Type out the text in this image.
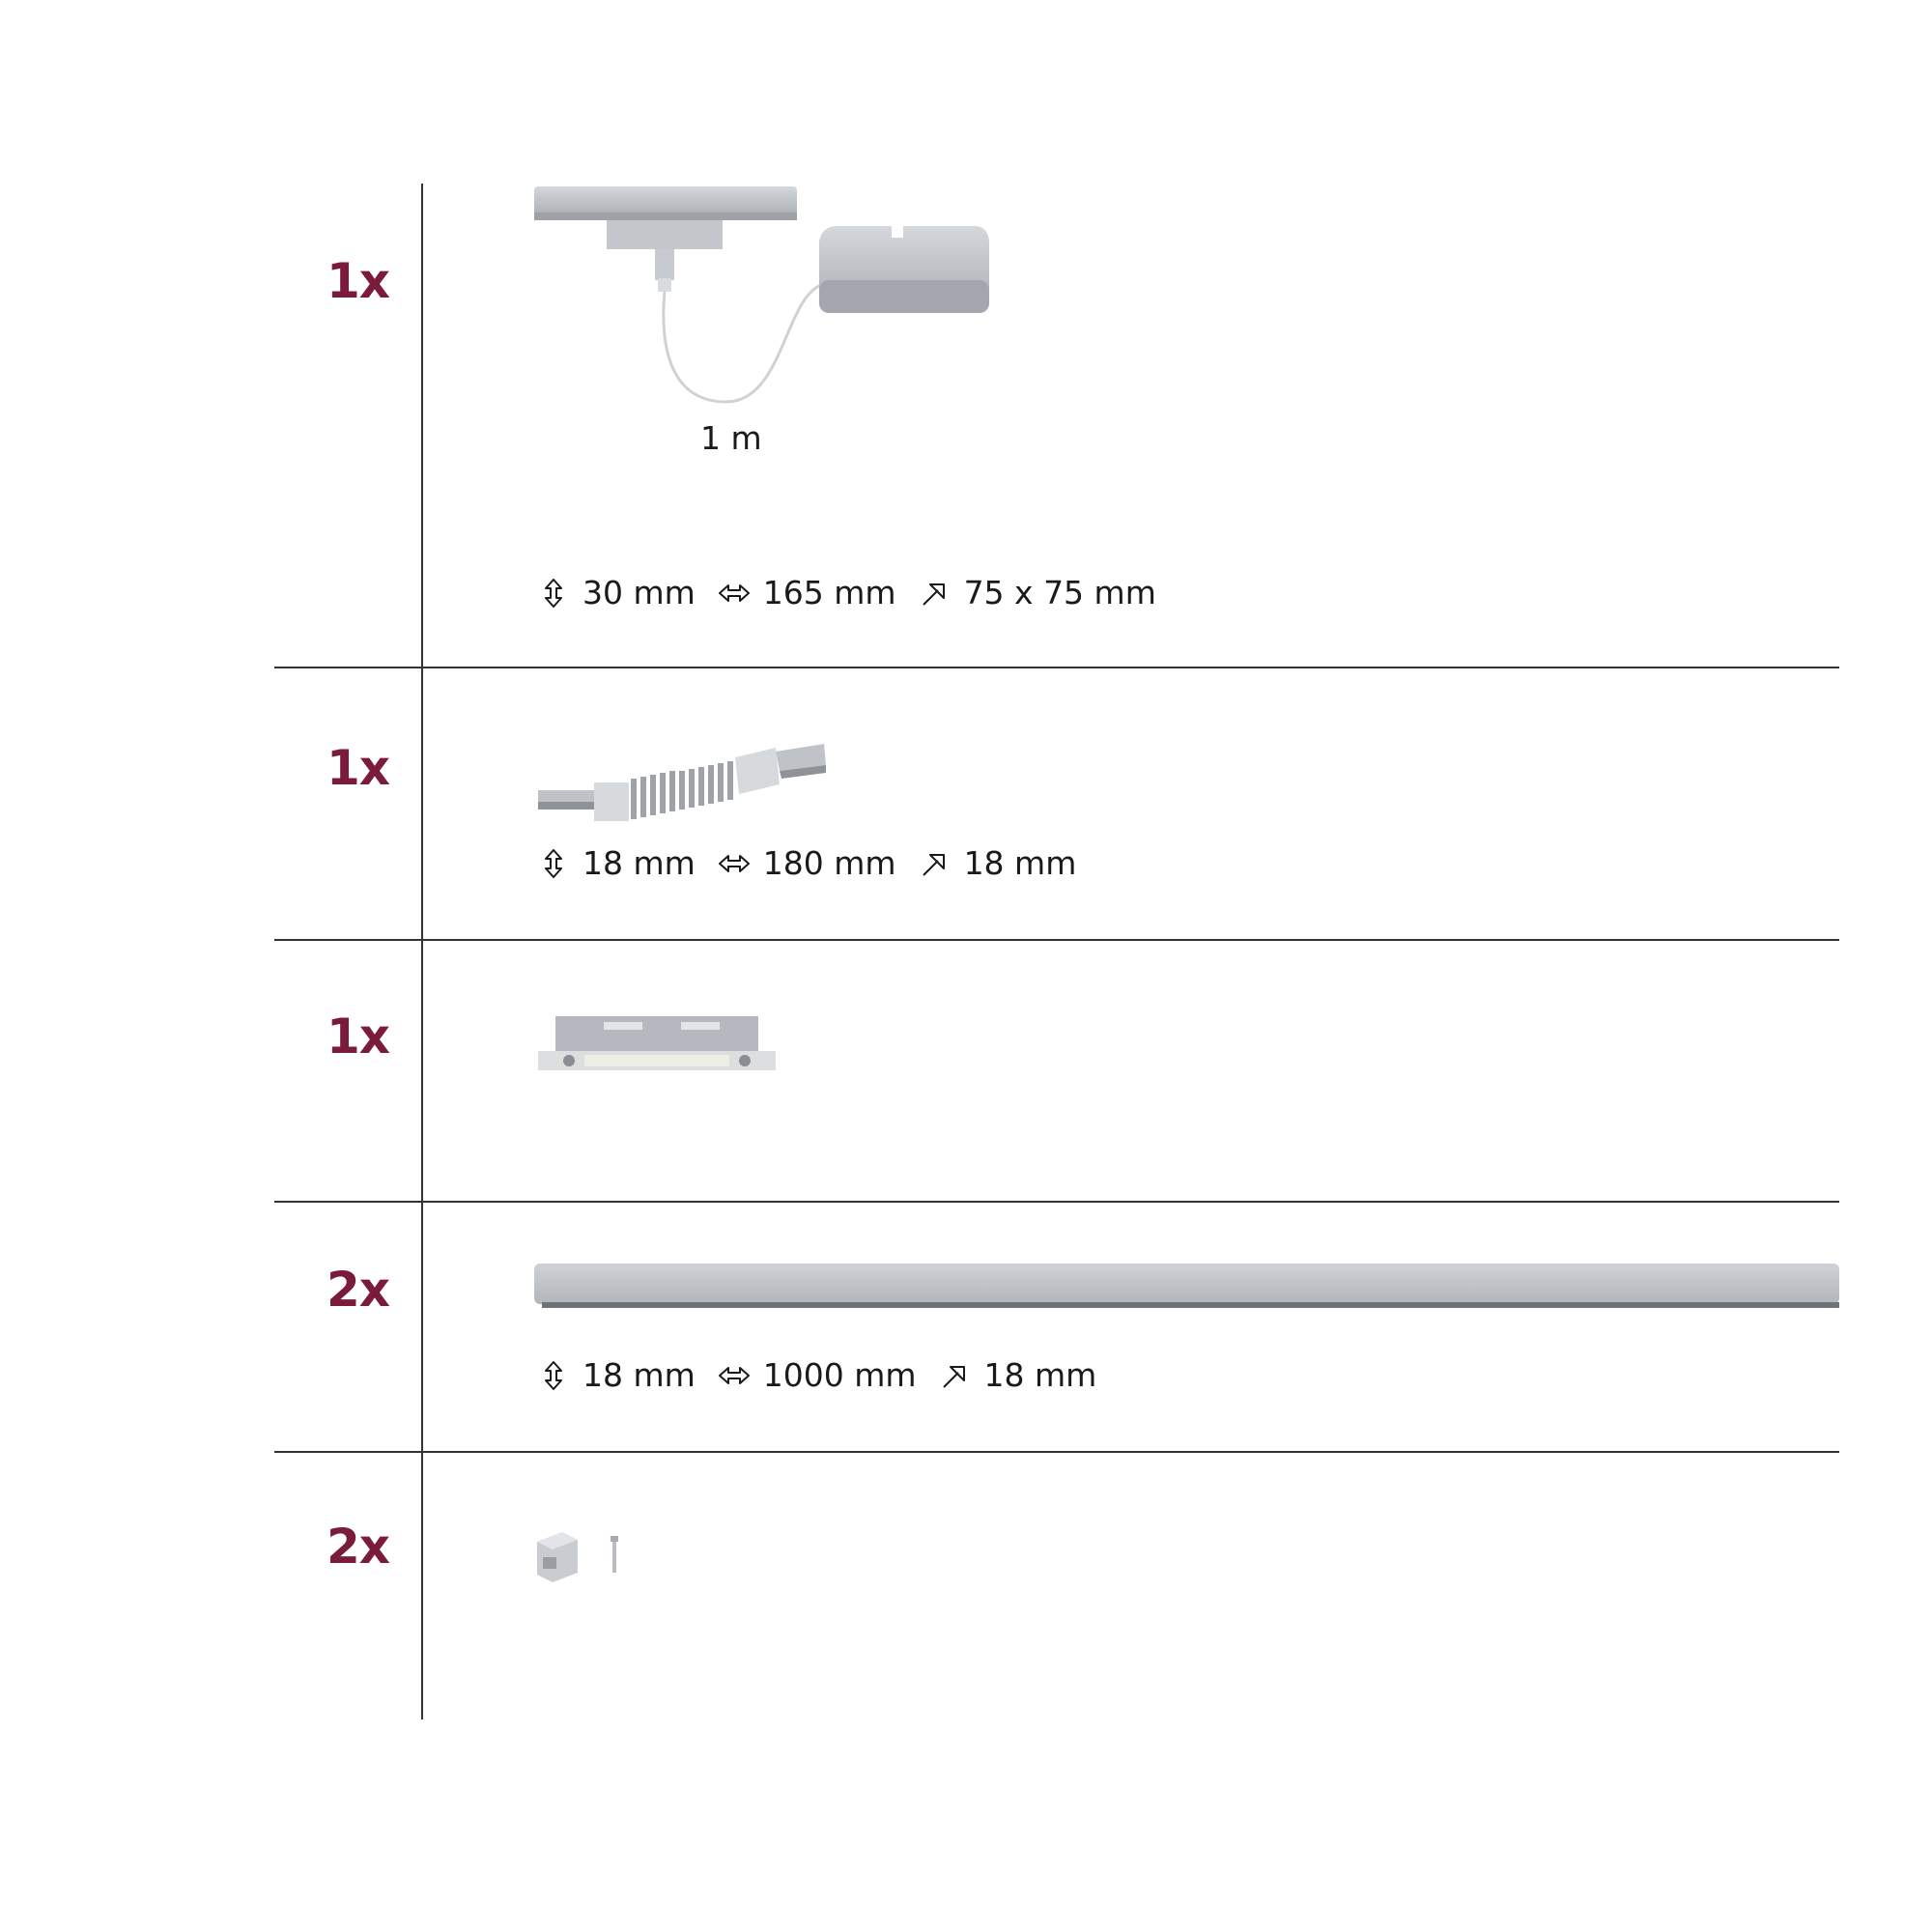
1x
1x
1x
2x
2x
1 m
30 mm 165 mm 75 x 75 mm
18 mm 180 mm 18 mm
18 mm 1000 mm 18 mm
